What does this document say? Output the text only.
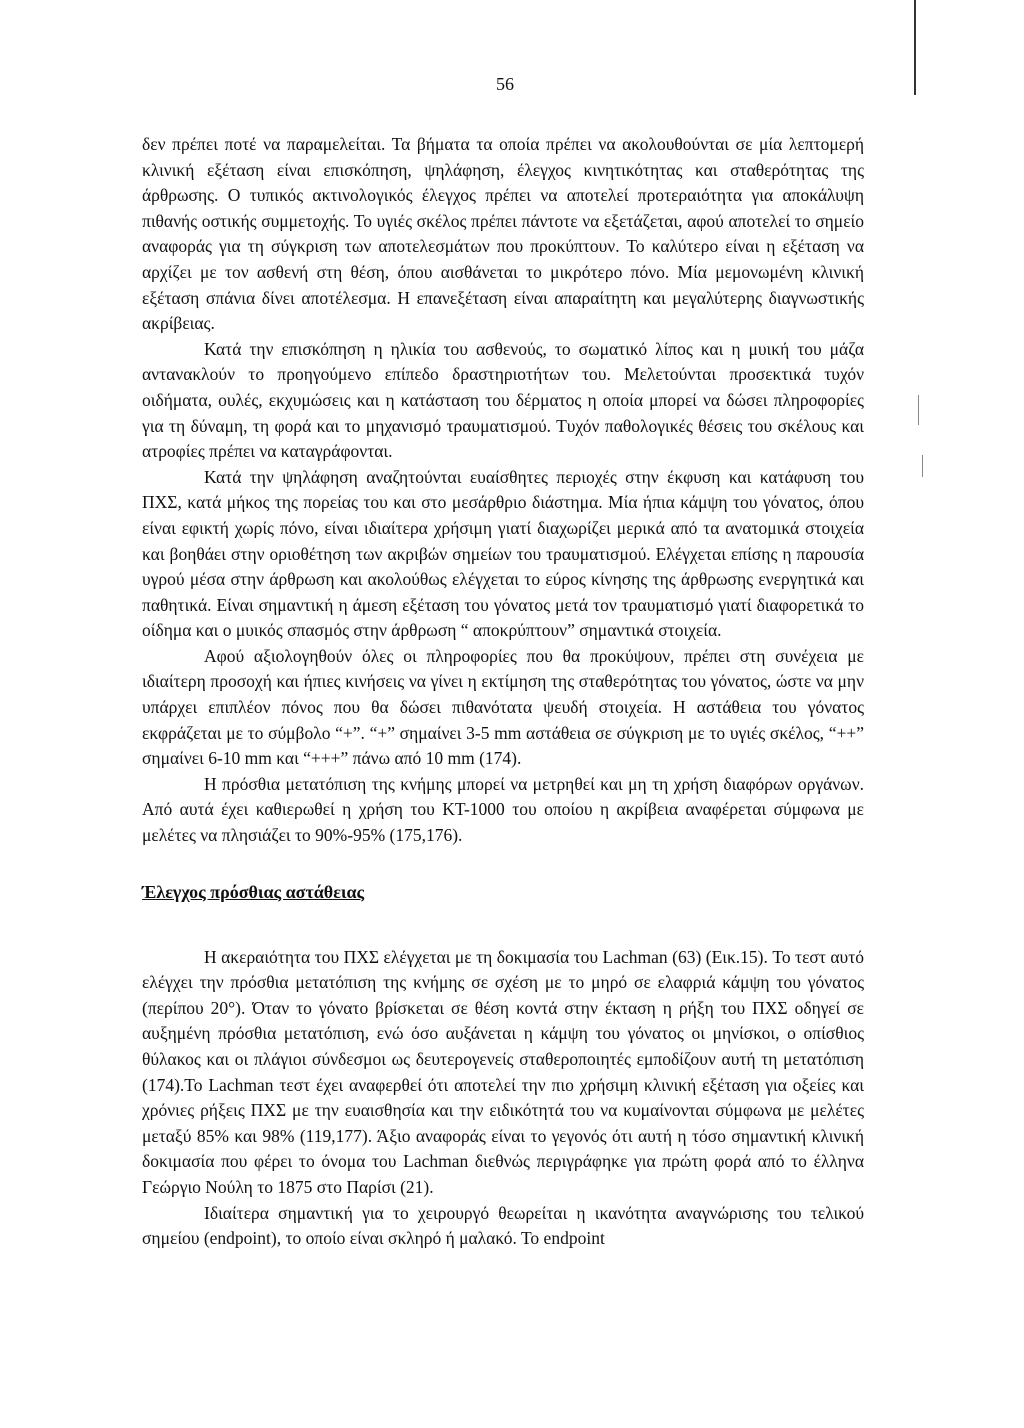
56

δεν πρέπει ποτέ να παραμελείται. Τα βήματα τα οποία πρέπει να ακολουθούνται σε μία λεπτομερή κλινική εξέταση είναι επισκόπηση, ψηλάφηση, έλεγχος κινητικότητας και σταθερότητας της άρθρωσης. Ο τυπικός ακτινολογικός έλεγχος πρέπει να αποτελεί προτεραιότητα για αποκάλυψη πιθανής οστικής συμμετοχής. Το υγιές σκέλος πρέπει πάντοτε να εξετάζεται, αφού αποτελεί το σημείο αναφοράς για τη σύγκριση των αποτελεσμάτων που προκύπτουν. Το καλύτερο είναι η εξέταση να αρχίζει με τον ασθενή στη θέση, όπου αισθάνεται το μικρότερο πόνο. Μία μεμονωμένη κλινική εξέταση σπάνια δίνει αποτέλεσμα. Η επανεξέταση είναι απαραίτητη και μεγαλύτερης διαγνωστικής ακρίβειας.

Κατά την επισκόπηση η ηλικία του ασθενούς, το σωματικό λίπος και η μυική του μάζα αντανακλούν το προηγούμενο επίπεδο δραστηριοτήτων του. Μελετούνται προσεκτικά τυχόν οιδήματα, ουλές, εκχυμώσεις και η κατάσταση του δέρματος η οποία μπορεί να δώσει πληροφορίες για τη δύναμη, τη φορά και το μηχανισμό τραυματισμού. Τυχόν παθολογικές θέσεις του σκέλους και ατροφίες πρέπει να καταγράφονται.

Κατά την ψηλάφηση αναζητούνται ευαίσθητες περιοχές στην έκφυση και κατάφυση του ΠΧΣ, κατά μήκος της πορείας του και στο μεσάρθριο διάστημα. Μία ήπια κάμψη του γόνατος, όπου είναι εφικτή χωρίς πόνο, είναι ιδιαίτερα χρήσιμη γιατί διαχωρίζει μερικά από τα ανατομικά στοιχεία και βοηθάει στην οριοθέτηση των ακριβών σημείων του τραυματισμού. Ελέγχεται επίσης η παρουσία υγρού μέσα στην άρθρωση και ακολούθως ελέγχεται το εύρος κίνησης της άρθρωσης ενεργητικά και παθητικά. Είναι σημαντική η άμεση εξέταση του γόνατος μετά τον τραυματισμό γιατί διαφορετικά το οίδημα και ο μυικός σπασμός στην άρθρωση “ αποκρύπτουν” σημαντικά στοιχεία.

Αφού αξιολογηθούν όλες οι πληροφορίες που θα προκύψουν, πρέπει στη συνέχεια με ιδιαίτερη προσοχή και ήπιες κινήσεις να γίνει η εκτίμηση της σταθερότητας του γόνατος, ώστε να μην υπάρχει επιπλέον πόνος που θα δώσει πιθανότατα ψευδή στοιχεία. Η αστάθεια του γόνατος εκφράζεται με το σύμβολο “+”. “+” σημαίνει 3-5 mm αστάθεια σε σύγκριση με το υγιές σκέλος, “++” σημαίνει 6-10 mm και “+++” πάνω από 10 mm (174).

Η πρόσθια μετατόπιση της κνήμης μπορεί να μετρηθεί και μη τη χρήση διαφόρων οργάνων. Από αυτά έχει καθιερωθεί η χρήση του KT-1000 του οποίου η ακρίβεια αναφέρεται σύμφωνα με μελέτες να πλησιάζει το 90%-95% (175,176).

Έλεγχος πρόσθιας αστάθειας

Η ακεραιότητα του ΠΧΣ ελέγχεται με τη δοκιμασία του Lachman (63) (Εικ.15). Το τεστ αυτό ελέγχει την πρόσθια μετατόπιση της κνήμης σε σχέση με το μηρό σε ελαφριά κάμψη του γόνατος (περίπου 20°). Όταν το γόνατο βρίσκεται σε θέση κοντά στην έκταση η ρήξη του ΠΧΣ οδηγεί σε αυξημένη πρόσθια μετατόπιση, ενώ όσο αυξάνεται η κάμψη του γόνατος οι μηνίσκοι, ο οπίσθιος θύλακος και οι πλάγιοι σύνδεσμοι ως δευτερογενείς σταθεροποιητές εμποδίζουν αυτή τη μετατόπιση (174).Το Lachman τεστ έχει αναφερθεί ότι αποτελεί την πιο χρήσιμη κλινική εξέταση για οξείες και χρόνιες ρήξεις ΠΧΣ με την ευαισθησία και την ειδικότητά του να κυμαίνονται σύμφωνα με μελέτες μεταξύ 85% και 98% (119,177). Άξιο αναφοράς είναι το γεγονός ότι αυτή η τόσο σημαντική κλινική δοκιμασία που φέρει το όνομα του Lachman διεθνώς περιγράφηκε για πρώτη φορά από το έλληνα Γεώργιο Νούλη το 1875 στο Παρίσι (21).

Ιδιαίτερα σημαντική για το χειρουργό θεωρείται η ικανότητα αναγνώρισης του τελικού σημείου (endpoint), το οποίο είναι σκληρό ή μαλακό. Το endpoint
